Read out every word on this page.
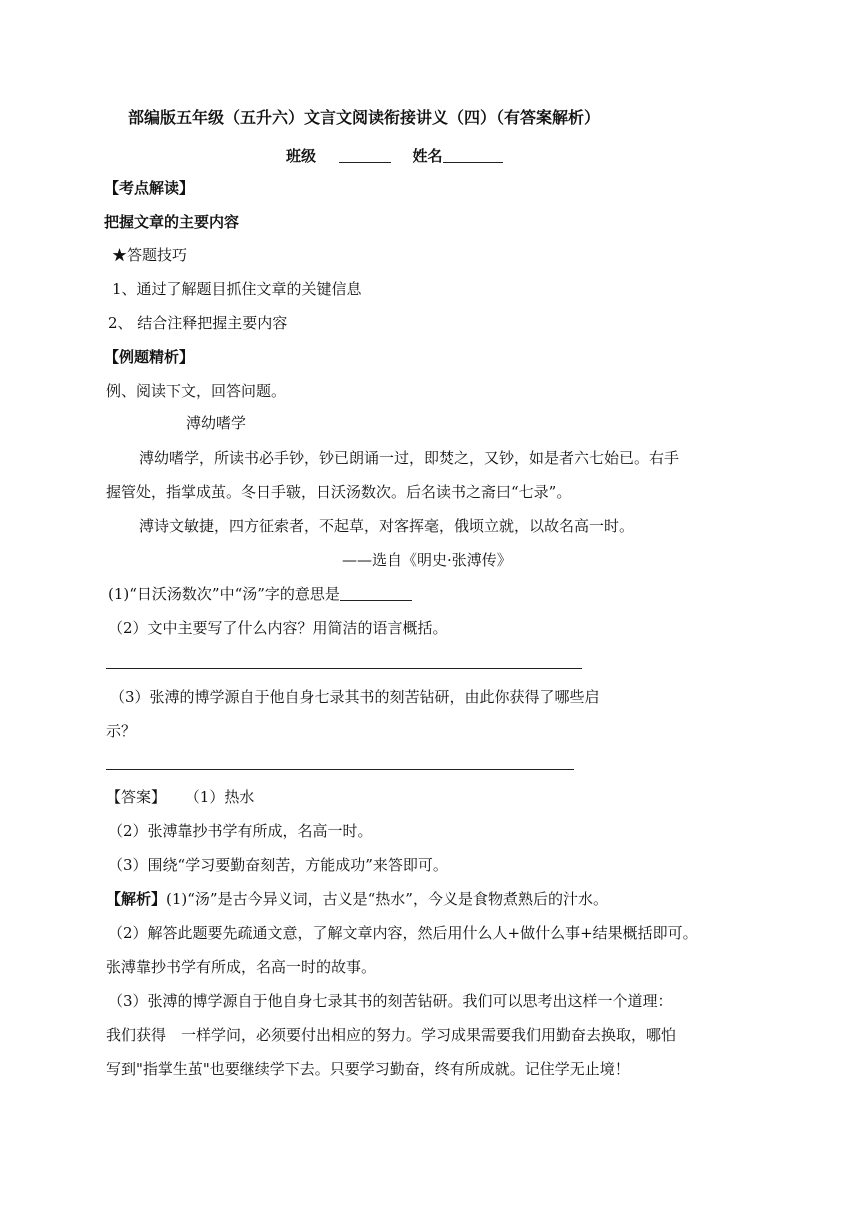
部编版五年级（五升六）文言文阅读衔接讲义（四）（有答案解析）
班级	姓名
【考点解读】
把握文章的主要内容
★答题技巧
1、通过了解题目抓住文章的关键信息
2、 结合注释把握主要内容
【例题精析】
例、阅读下文，回答问题。
溥幼嗜学
溥幼嗜学，所读书必手钞，钞已朗诵一过，即焚之，又钞，如是者六七始已。右手
握管处，指掌成茧。冬日手皲，日沃汤数次。后名读书之斋曰“七录”。
溥诗文敏捷，四方征索者，不起草，对客挥毫，俄顷立就，以故名高一时。
——选自《明史·张溥传》
(1)“日沃汤数次”中“汤”字的意思是
（2）文中主要写了什么内容？用简洁的语言概括。
（3）张溥的博学源自于他自身七录其书的刻苦钻研，由此你获得了哪些启
示？
【答案】 （1）热水
（2）张溥靠抄书学有所成，名高一时。
（3）围绕“学习要勤奋刻苦，方能成功”来答即可。
【解析】(1)“汤”是古今异义词，古义是“热水”，今义是食物煮熟后的汁水。
（2）解答此题要先疏通文意，了解文章内容，然后用什么人+做什么事+结果概括即可。
张溥靠抄书学有所成，名高一时的故事。
（3）张溥的博学源自于他自身七录其书的刻苦钻研。我们可以思考出这样一个道理：
我们获得　一样学问，必须要付出相应的努力。学习成果需要我们用勤奋去换取，哪怕
写到"指掌生茧"也要继续学下去。只要学习勤奋，终有所成就。记住学无止境！
